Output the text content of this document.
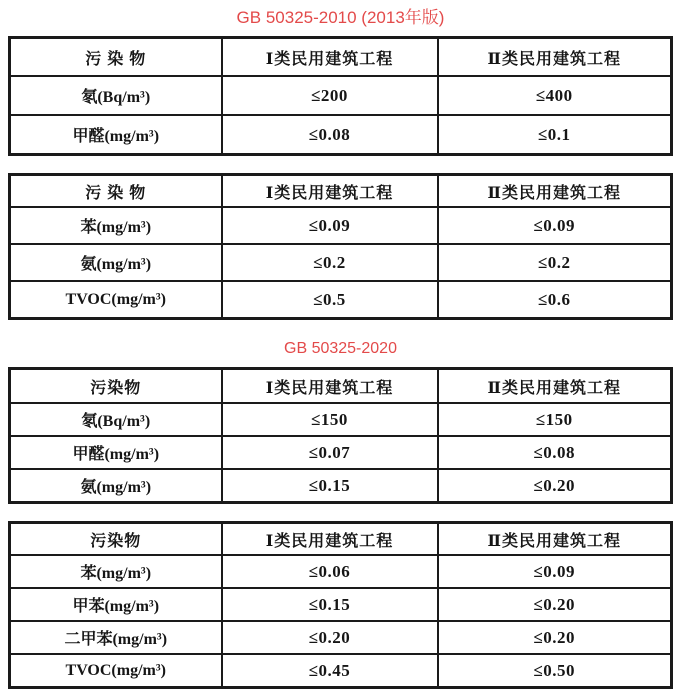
GB 50325-2010 (2013年版)
污 染 物	Ⅰ类民用建筑工程	Ⅱ类民用建筑工程
氡(Bq/m³)	≤200	≤400
甲醛(mg/m³)	≤0.08	≤0.1
污 染 物	Ⅰ类民用建筑工程	Ⅱ类民用建筑工程
苯(mg/m³)	≤0.09	≤0.09
氨(mg/m³)	≤0.2	≤0.2
TVOC(mg/m³)	≤0.5	≤0.6
GB 50325-2020
污染物	Ⅰ类民用建筑工程	Ⅱ类民用建筑工程
氡(Bq/m³)	≤150	≤150
甲醛(mg/m³)	≤0.07	≤0.08
氨(mg/m³)	≤0.15	≤0.20
污染物	Ⅰ类民用建筑工程	Ⅱ类民用建筑工程
苯(mg/m³)	≤0.06	≤0.09
甲苯(mg/m³)	≤0.15	≤0.20
二甲苯(mg/m³)	≤0.20	≤0.20
TVOC(mg/m³)	≤0.45	≤0.50
